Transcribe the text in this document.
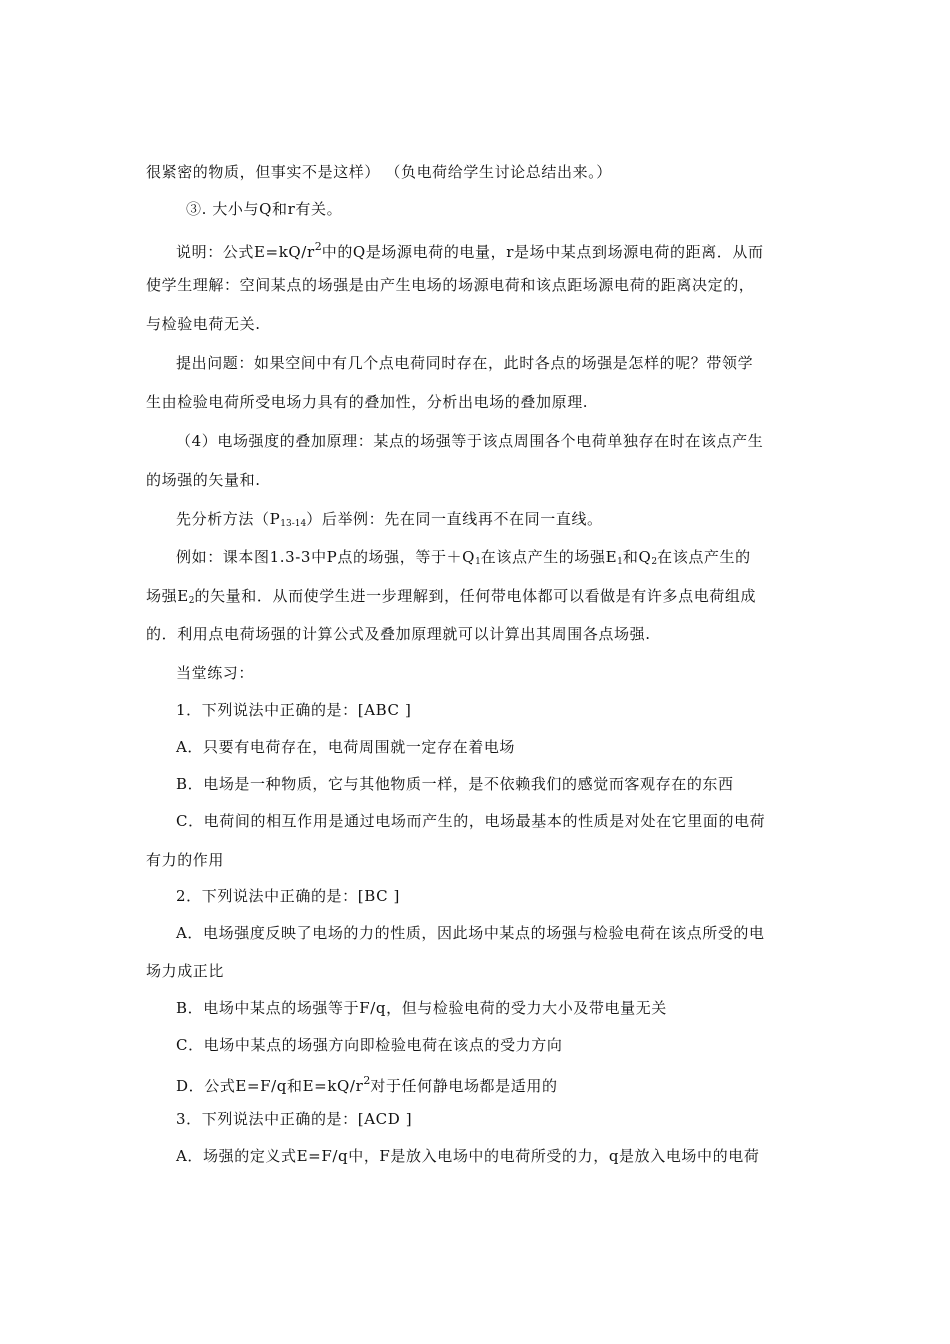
很紧密的物质，但事实不是这样） （负电荷给学生讨论总结出来。）
③. 大小与Q和r有关。
说明：公式$E=kQ/r^2$中的Q是场源电荷的电量，r是场中某点到场源电荷的距离．从而
使学生理解：空间某点的场强是由产生电场的场源电荷和该点距场源电荷的距离决定的，
与检验电荷无关.
提出问题：如果空间中有几个点电荷同时存在，此时各点的场强是怎样的呢？带领学
生由检验电荷所受电场力具有的叠加性，分析出电场的叠加原理.
（4）电场强度的叠加原理：某点的场强等于该点周围各个电荷单独存在时在该点产生
的场强的矢量和.
先分析方法$(P_{13-14})$后举例：先在同一直线再不在同一直线。
例如：课本图1.3-3中P点的场强，等于$+Q_1$在该点产生的场强$E_1$和$Q_2$在该点产生的
场强$E_2$的矢量和．从而使学生进一步理解到，任何带电体都可以看做是有许多点电荷组成
的．利用点电荷场强的计算公式及叠加原理就可以计算出其周围各点场强.
当堂练习：
1．下列说法中正确的是：[ABC ]
A．只要有电荷存在，电荷周围就一定存在着电场
B．电场是一种物质，它与其他物质一样，是不依赖我们的感觉而客观存在的东西
C．电荷间的相互作用是通过电场而产生的，电场最基本的性质是对处在它里面的电荷
有力的作用
2．下列说法中正确的是：[BC ]
A．电场强度反映了电场的力的性质，因此场中某点的场强与检验电荷在该点所受的电
场力成正比
B．电场中某点的场强等于F/q，但与检验电荷的受力大小及带电量无关
C．电场中某点的场强方向即检验电荷在该点的受力方向
D．公式E=F/q和$E=kQ/r^2$对于任何静电场都是适用的
3．下列说法中正确的是：[ACD ]
A．场强的定义式E=F/q中，F是放入电场中的电荷所受的力，q是放入电场中的电荷
